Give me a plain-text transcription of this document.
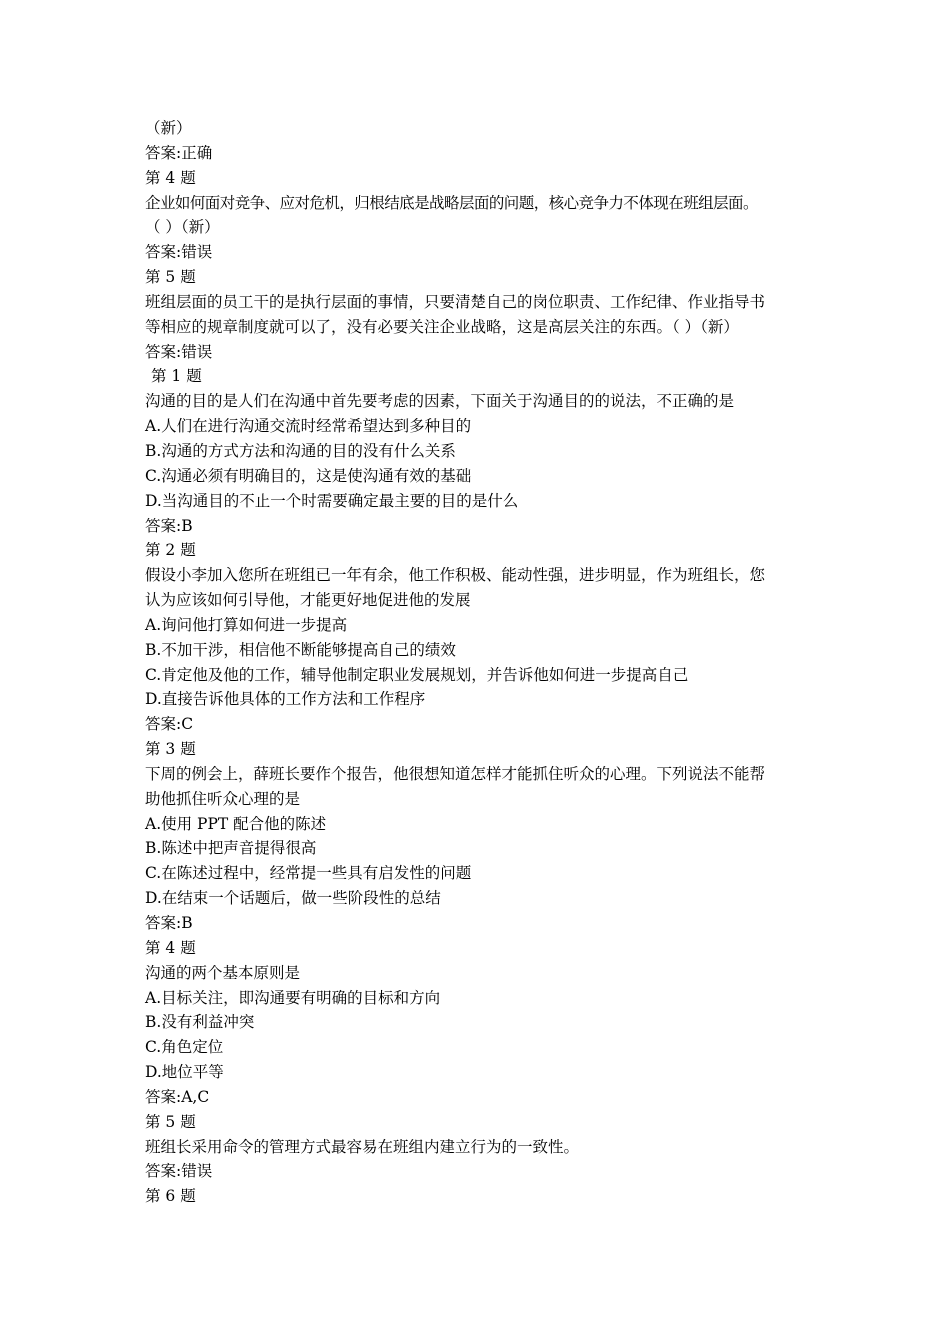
（新）
答案:正确
第 4 题
企业如何面对竞争、应对危机，归根结底是战略层面的问题，核心竞争力不体现在班组层面。
（ ）（新）
答案:错误
第 5 题
班组层面的员工干的是执行层面的事情，只要清楚自己的岗位职责、工作纪律、作业指导书
等相应的规章制度就可以了，没有必要关注企业战略，这是高层关注的东西。（ ）（新）
答案:错误
第 1 题
沟通的目的是人们在沟通中首先要考虑的因素，下面关于沟通目的的说法，不正确的是
A.人们在进行沟通交流时经常希望达到多种目的
B.沟通的方式方法和沟通的目的没有什么关系
C.沟通必须有明确目的，这是使沟通有效的基础
D.当沟通目的不止一个时需要确定最主要的目的是什么
答案:B
第 2 题
假设小李加入您所在班组已一年有余，他工作积极、能动性强，进步明显，作为班组长，您
认为应该如何引导他，才能更好地促进他的发展
A.询问他打算如何进一步提高
B.不加干涉，相信他不断能够提高自己的绩效
C.肯定他及他的工作，辅导他制定职业发展规划，并告诉他如何进一步提高自己
D.直接告诉他具体的工作方法和工作程序
答案:C
第 3 题
下周的例会上，薛班长要作个报告，他很想知道怎样才能抓住听众的心理。下列说法不能帮
助他抓住听众心理的是
A.使用 PPT 配合他的陈述
B.陈述中把声音提得很高
C.在陈述过程中，经常提一些具有启发性的问题
D.在结束一个话题后，做一些阶段性的总结
答案:B
第 4 题
沟通的两个基本原则是
A.目标关注，即沟通要有明确的目标和方向
B.没有利益冲突
C.角色定位
D.地位平等
答案:A,C
第 5 题
班组长采用命令的管理方式最容易在班组内建立行为的一致性。
答案:错误
第 6 题
